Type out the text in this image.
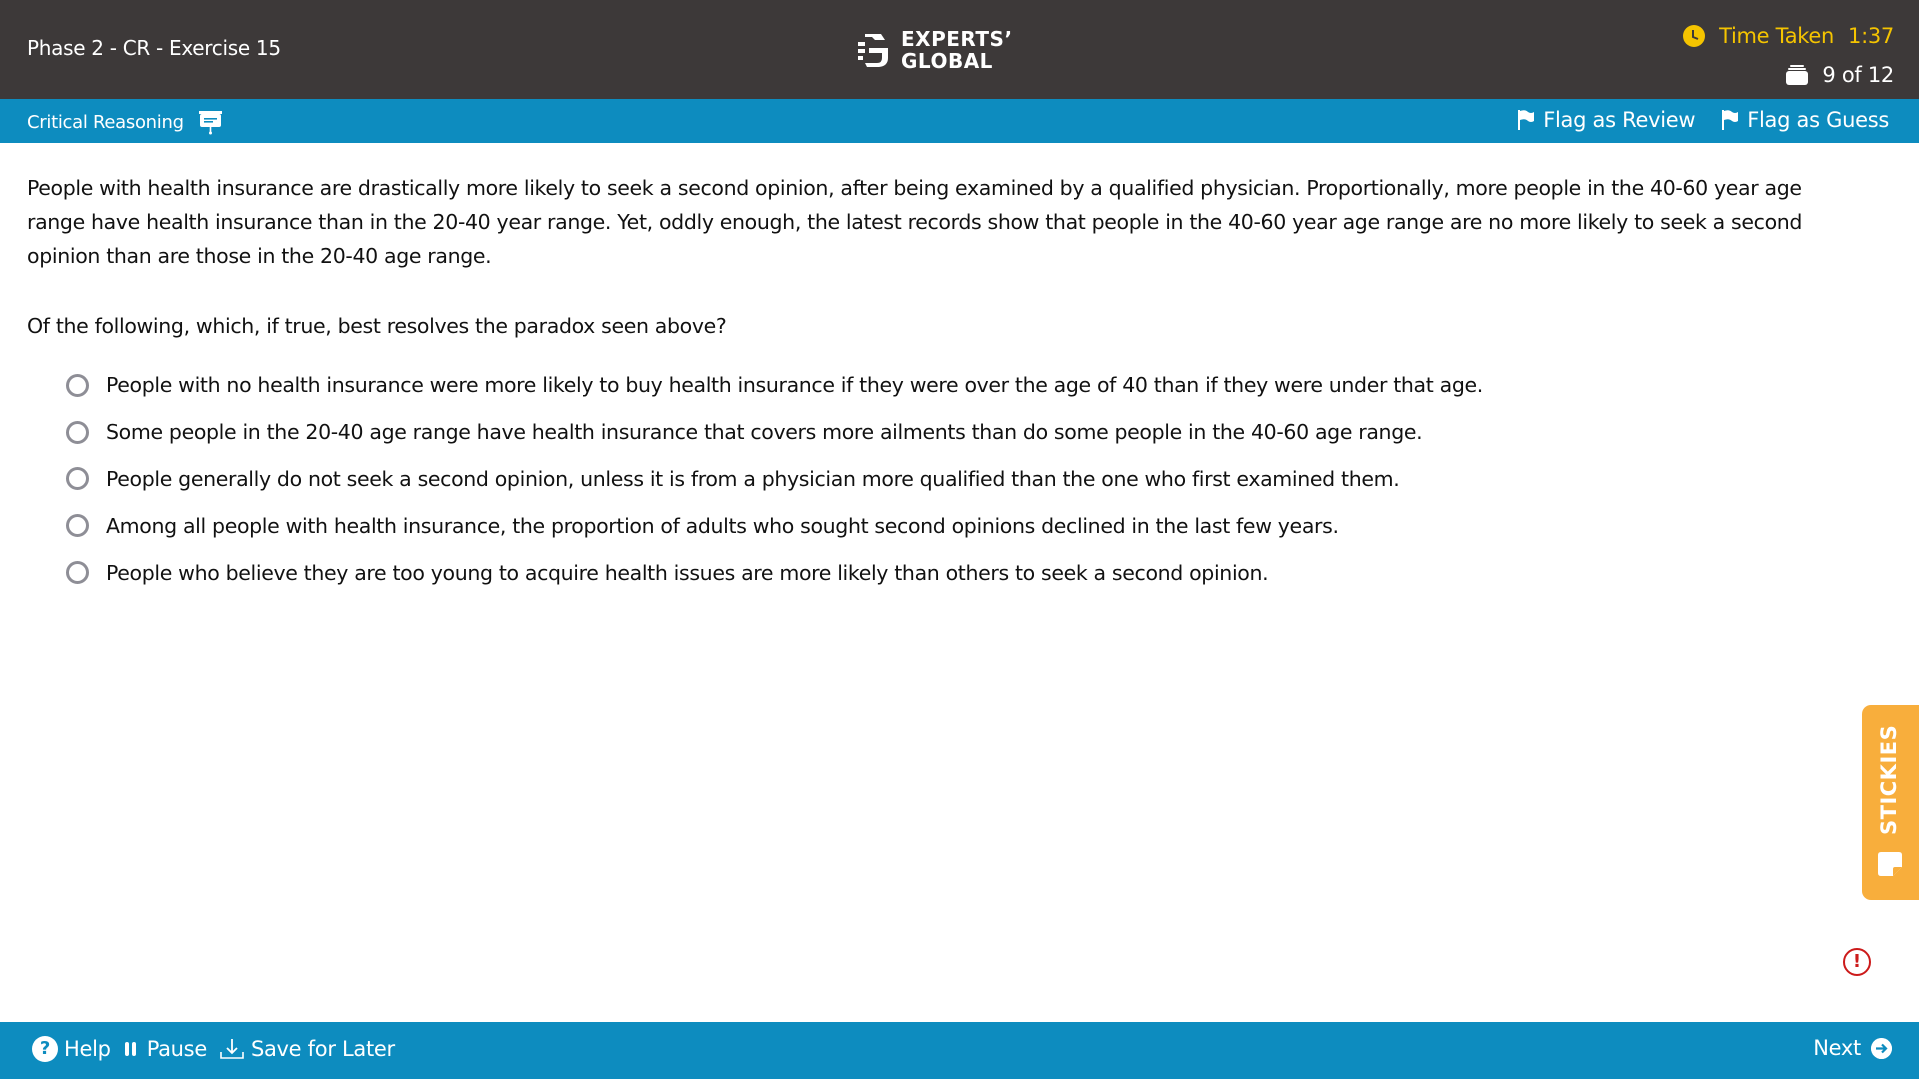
Phase 2 - CR - Exercise 15	EXPERTS’
GLOBAL
Time Taken 1:37
9 of 12
Critical Reasoning	Flag as Review Flag as Guess
People with health insurance are drastically more likely to seek a second opinion, after being examined by a qualified physician. Proportionally, more people in the 40-60 year age range have health insurance than in the 20-40 year range. Yet, oddly enough, the latest records show that people in the 40-60 year age range are no more likely to seek a second opinion than are those in the 20-40 age range.
Of the following, which, if true, best resolves the paradox seen above?
People with no health insurance were more likely to buy health insurance if they were over the age of 40 than if they were under that age.
Some people in the 20-40 age range have health insurance that covers more ailments than do some people in the 40-60 age range.
People generally do not seek a second opinion, unless it is from a physician more qualified than the one who first examined them.
Among all people with health insurance, the proportion of adults who sought second opinions declined in the last few years.
People who believe they are too young to acquire health issues are more likely than others to seek a second opinion.
STICKIES
!
? Help Pause Save for Later	Next
